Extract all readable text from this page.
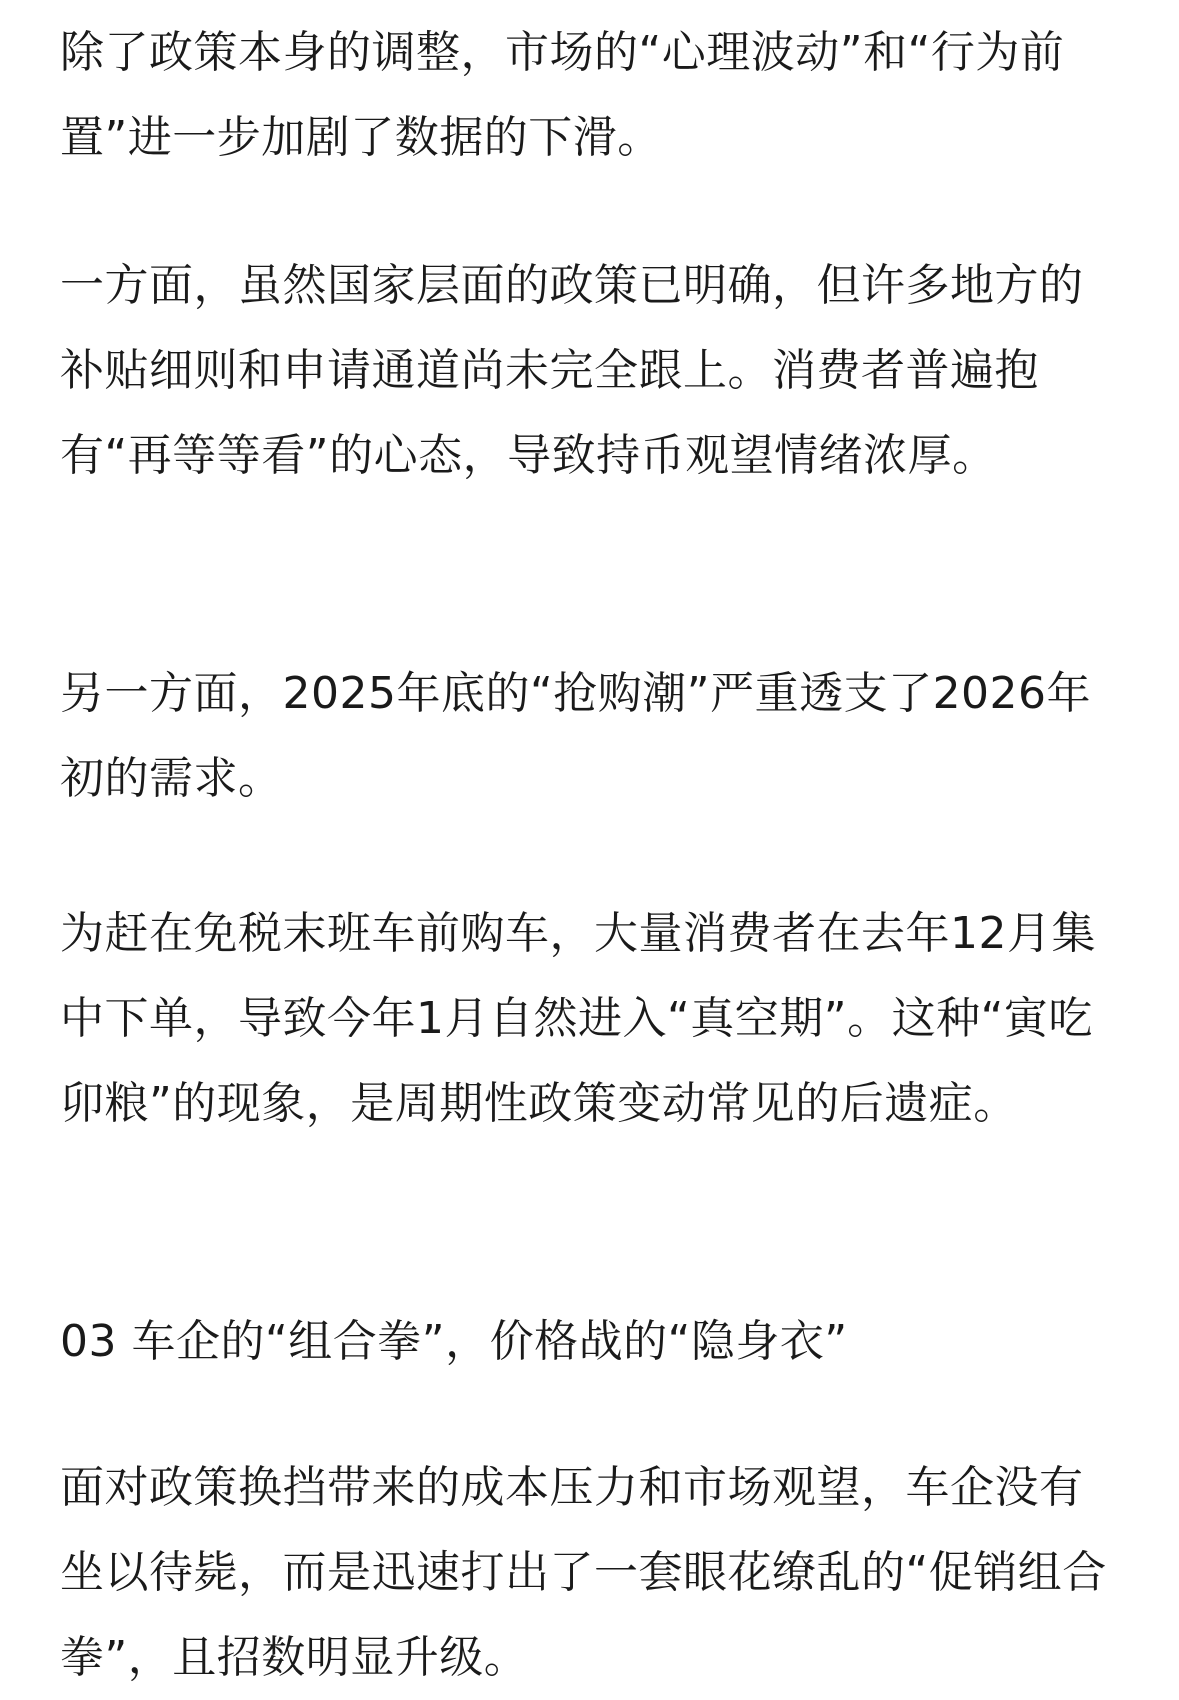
除了政策本身的调整，市场的“心理波动”和“行为前置”进一步加剧了数据的下滑。

一方面，虽然国家层面的政策已明确，但许多地方的补贴细则和申请通道尚未完全跟上。消费者普遍抱有“再等等看”的心态，导致持币观望情绪浓厚。

另一方面，2025年底的“抢购潮”严重透支了2026年初的需求。

为赶在免税末班车前购车，大量消费者在去年12月集中下单，导致今年1月自然进入“真空期”。这种“寅吃卯粮”的现象，是周期性政策变动常见的后遗症。

03 车企的“组合拳”，价格战的“隐身衣”

面对政策换挡带来的成本压力和市场观望，车企没有坐以待毙，而是迅速打出了一套眼花缭乱的“促销组合拳”，且招数明显升级。
